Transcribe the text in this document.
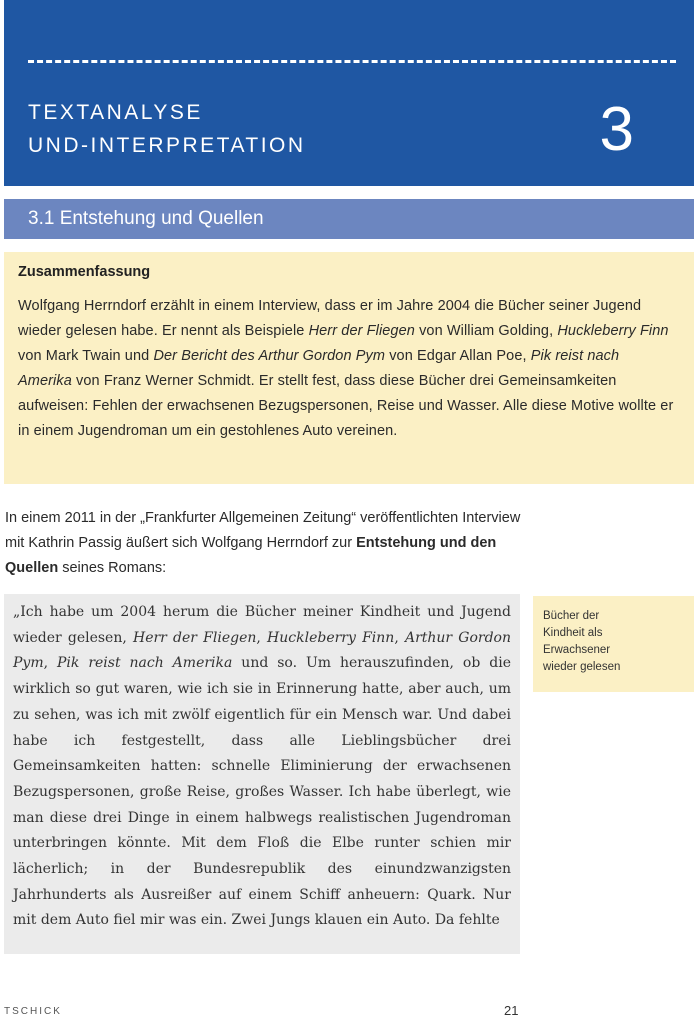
TEXTANALYSE
UND-INTERPRETATION	3
3.1 Entstehung und Quellen

Zusammenfassung

Wolfgang Herrndorf erzählt in einem Interview, dass er im Jahre 2004 die Bücher seiner Jugend wieder gelesen habe. Er nennt als Beispiele Herr der Fliegen von William Golding, Huckleberry Finn von Mark Twain und Der Bericht des Arthur Gordon Pym von Edgar Allan Poe, Pik reist nach Amerika von Franz Werner Schmidt. Er stellt fest, dass diese Bücher drei Gemeinsamkeiten aufweisen: Fehlen der erwachsenen Bezugspersonen, Reise und Wasser. Alle diese Motive wollte er in einem Jugendroman um ein gestohlenes Auto vereinen.

In einem 2011 in der „Frankfurter Allgemeinen Zeitung“ veröffentlichten Interview mit Kathrin Passig äußert sich Wolfgang Herrndorf zur Entstehung und den Quellen seines Romans:

„Ich habe um 2004 herum die Bücher meiner Kindheit und Jugend wieder gelesen, Herr der Fliegen, Huckleberry Finn, Arthur Gordon Pym, Pik reist nach Amerika und so. Um herauszufinden, ob die wirklich so gut waren, wie ich sie in Erinnerung hatte, aber auch, um zu sehen, was ich mit zwölf eigentlich für ein Mensch war. Und dabei habe ich festgestellt, dass alle Lieblingsbücher drei Gemeinsamkeiten hatten: schnelle Eliminierung der erwachsenen Bezugspersonen, große Reise, großes Wasser. Ich habe überlegt, wie man diese drei Dinge in einem halbwegs realistischen Jugendroman unterbringen könnte. Mit dem Floß die Elbe runter schien mir lächerlich; in der Bundesrepublik des einundzwanzigsten Jahrhunderts als Ausreißer auf einem Schiff anheuern: Quark. Nur mit dem Auto fiel mir was ein. Zwei Jungs klauen ein Auto. Da fehlte

Bücher der
Kindheit als
Erwachsener
wieder gelesen
TSCHICK	21
